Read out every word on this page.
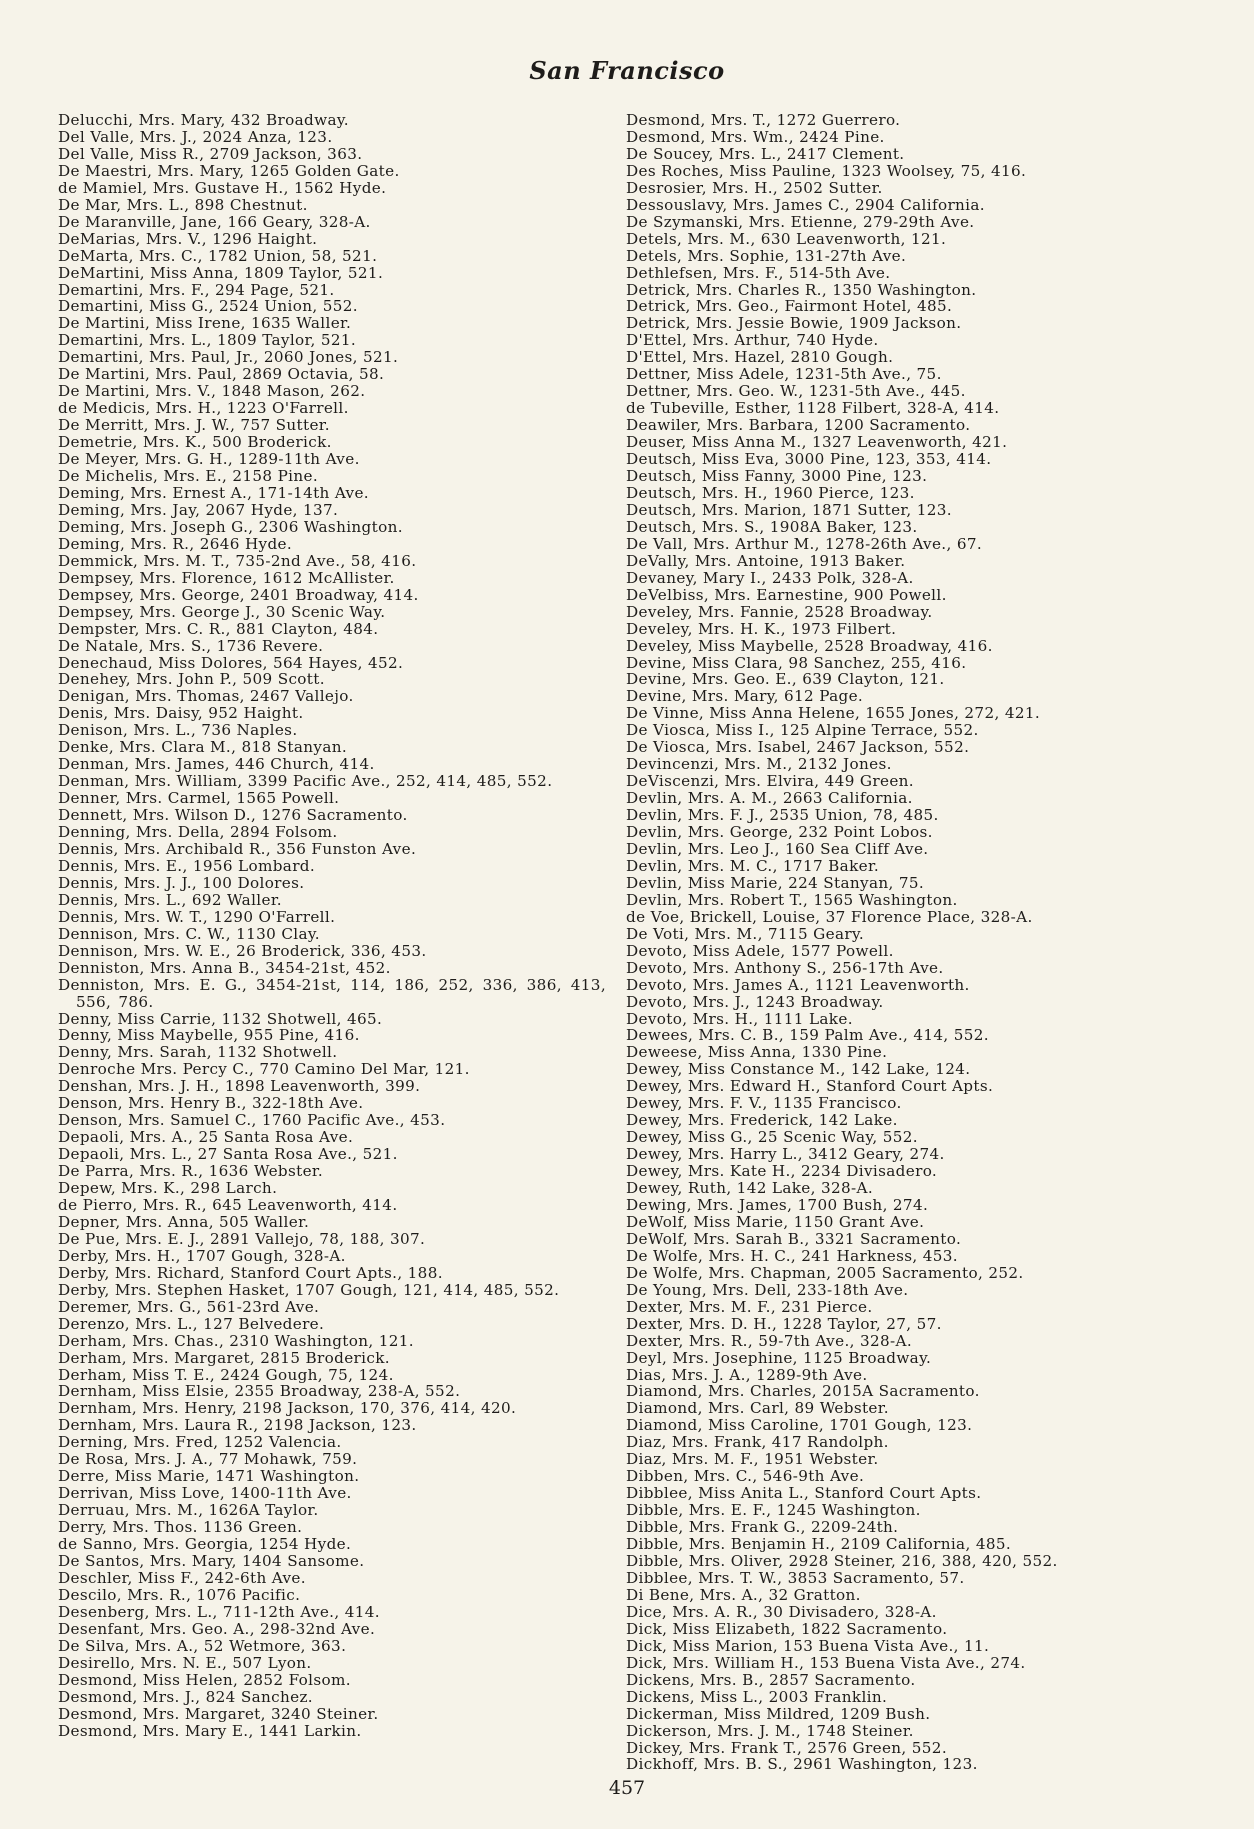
San Francisco
Delucchi, Mrs. Mary, 432 Broadway.
Del Valle, Mrs. J., 2024 Anza, 123.
Del Valle, Miss R., 2709 Jackson, 363.
De Maestri, Mrs. Mary, 1265 Golden Gate.
de Mamiel, Mrs. Gustave H., 1562 Hyde.
De Mar, Mrs. L., 898 Chestnut.
De Maranville, Jane, 166 Geary, 328-A.
DeMarias, Mrs. V., 1296 Haight.
DeMarta, Mrs. C., 1782 Union, 58, 521.
DeMartini, Miss Anna, 1809 Taylor, 521.
Demartini, Mrs. F., 294 Page, 521.
Demartini, Miss G., 2524 Union, 552.
De Martini, Miss Irene, 1635 Waller.
Demartini, Mrs. L., 1809 Taylor, 521.
Demartini, Mrs. Paul, Jr., 2060 Jones, 521.
De Martini, Mrs. Paul, 2869 Octavia, 58.
De Martini, Mrs. V., 1848 Mason, 262.
de Medicis, Mrs. H., 1223 O'Farrell.
De Merritt, Mrs. J. W., 757 Sutter.
Demetrie, Mrs. K., 500 Broderick.
De Meyer, Mrs. G. H., 1289-11th Ave.
De Michelis, Mrs. E., 2158 Pine.
Deming, Mrs. Ernest A., 171-14th Ave.
Deming, Mrs. Jay, 2067 Hyde, 137.
Deming, Mrs. Joseph G., 2306 Washington.
Deming, Mrs. R., 2646 Hyde.
Demmick, Mrs. M. T., 735-2nd Ave., 58, 416.
Dempsey, Mrs. Florence, 1612 McAllister.
Dempsey, Mrs. George, 2401 Broadway, 414.
Dempsey, Mrs. George J., 30 Scenic Way.
Dempster, Mrs. C. R., 881 Clayton, 484.
De Natale, Mrs. S., 1736 Revere.
Denechaud, Miss Dolores, 564 Hayes, 452.
Denehey, Mrs. John P., 509 Scott.
Denigan, Mrs. Thomas, 2467 Vallejo.
Denis, Mrs. Daisy, 952 Haight.
Denison, Mrs. L., 736 Naples.
Denke, Mrs. Clara M., 818 Stanyan.
Denman, Mrs. James, 446 Church, 414.
Denman, Mrs. William, 3399 Pacific Ave., 252, 414, 485, 552.
Denner, Mrs. Carmel, 1565 Powell.
Dennett, Mrs. Wilson D., 1276 Sacramento.
Denning, Mrs. Della, 2894 Folsom.
Dennis, Mrs. Archibald R., 356 Funston Ave.
Dennis, Mrs. E., 1956 Lombard.
Dennis, Mrs. J. J., 100 Dolores.
Dennis, Mrs. L., 692 Waller.
Dennis, Mrs. W. T., 1290 O'Farrell.
Dennison, Mrs. C. W., 1130 Clay.
Dennison, Mrs. W. E., 26 Broderick, 336, 453.
Denniston, Mrs. Anna B., 3454-21st, 452.
Denniston, Mrs. E. G., 3454-21st, 114, 186, 252, 336, 386, 413, 556, 786.
Denny, Miss Carrie, 1132 Shotwell, 465.
Denny, Miss Maybelle, 955 Pine, 416.
Denny, Mrs. Sarah, 1132 Shotwell.
Denroche Mrs. Percy C., 770 Camino Del Mar, 121.
Denshan, Mrs. J. H., 1898 Leavenworth, 399.
Denson, Mrs. Henry B., 322-18th Ave.
Denson, Mrs. Samuel C., 1760 Pacific Ave., 453.
Depaoli, Mrs. A., 25 Santa Rosa Ave.
Depaoli, Mrs. L., 27 Santa Rosa Ave., 521.
De Parra, Mrs. R., 1636 Webster.
Depew, Mrs. K., 298 Larch.
de Pierro, Mrs. R., 645 Leavenworth, 414.
Depner, Mrs. Anna, 505 Waller.
De Pue, Mrs. E. J., 2891 Vallejo, 78, 188, 307.
Derby, Mrs. H., 1707 Gough, 328-A.
Derby, Mrs. Richard, Stanford Court Apts., 188.
Derby, Mrs. Stephen Hasket, 1707 Gough, 121, 414, 485, 552.
Deremer, Mrs. G., 561-23rd Ave.
Derenzo, Mrs. L., 127 Belvedere.
Derham, Mrs. Chas., 2310 Washington, 121.
Derham, Mrs. Margaret, 2815 Broderick.
Derham, Miss T. E., 2424 Gough, 75, 124.
Dernham, Miss Elsie, 2355 Broadway, 238-A, 552.
Dernham, Mrs. Henry, 2198 Jackson, 170, 376, 414, 420.
Dernham, Mrs. Laura R., 2198 Jackson, 123.
Derning, Mrs. Fred, 1252 Valencia.
De Rosa, Mrs. J. A., 77 Mohawk, 759.
Derre, Miss Marie, 1471 Washington.
Derrivan, Miss Love, 1400-11th Ave.
Derruau, Mrs. M., 1626A Taylor.
Derry, Mrs. Thos. 1136 Green.
de Sanno, Mrs. Georgia, 1254 Hyde.
De Santos, Mrs. Mary, 1404 Sansome.
Deschler, Miss F., 242-6th Ave.
Descilo, Mrs. R., 1076 Pacific.
Desenberg, Mrs. L., 711-12th Ave., 414.
Desenfant, Mrs. Geo. A., 298-32nd Ave.
De Silva, Mrs. A., 52 Wetmore, 363.
Desirello, Mrs. N. E., 507 Lyon.
Desmond, Miss Helen, 2852 Folsom.
Desmond, Mrs. J., 824 Sanchez.
Desmond, Mrs. Margaret, 3240 Steiner.
Desmond, Mrs. Mary E., 1441 Larkin.
Desmond, Mrs. T., 1272 Guerrero.
Desmond, Mrs. Wm., 2424 Pine.
De Soucey, Mrs. L., 2417 Clement.
Des Roches, Miss Pauline, 1323 Woolsey, 75, 416.
Desrosier, Mrs. H., 2502 Sutter.
Dessouslavy, Mrs. James C., 2904 California.
De Szymanski, Mrs. Etienne, 279-29th Ave.
Detels, Mrs. M., 630 Leavenworth, 121.
Detels, Mrs. Sophie, 131-27th Ave.
Dethlefsen, Mrs. F., 514-5th Ave.
Detrick, Mrs. Charles R., 1350 Washington.
Detrick, Mrs. Geo., Fairmont Hotel, 485.
Detrick, Mrs. Jessie Bowie, 1909 Jackson.
D'Ettel, Mrs. Arthur, 740 Hyde.
D'Ettel, Mrs. Hazel, 2810 Gough.
Dettner, Miss Adele, 1231-5th Ave., 75.
Dettner, Mrs. Geo. W., 1231-5th Ave., 445.
de Tubeville, Esther, 1128 Filbert, 328-A, 414.
Deawiler, Mrs. Barbara, 1200 Sacramento.
Deuser, Miss Anna M., 1327 Leavenworth, 421.
Deutsch, Miss Eva, 3000 Pine, 123, 353, 414.
Deutsch, Miss Fanny, 3000 Pine, 123.
Deutsch, Mrs. H., 1960 Pierce, 123.
Deutsch, Mrs. Marion, 1871 Sutter, 123.
Deutsch, Mrs. S., 1908A Baker, 123.
De Vall, Mrs. Arthur M., 1278-26th Ave., 67.
DeVally, Mrs. Antoine, 1913 Baker.
Devaney, Mary I., 2433 Polk, 328-A.
DeVelbiss, Mrs. Earnestine, 900 Powell.
Develey, Mrs. Fannie, 2528 Broadway.
Develey, Mrs. H. K., 1973 Filbert.
Develey, Miss Maybelle, 2528 Broadway, 416.
Devine, Miss Clara, 98 Sanchez, 255, 416.
Devine, Mrs. Geo. E., 639 Clayton, 121.
Devine, Mrs. Mary, 612 Page.
De Vinne, Miss Anna Helene, 1655 Jones, 272, 421.
De Viosca, Miss I., 125 Alpine Terrace, 552.
De Viosca, Mrs. Isabel, 2467 Jackson, 552.
Devincenzi, Mrs. M., 2132 Jones.
DeViscenzi, Mrs. Elvira, 449 Green.
Devlin, Mrs. A. M., 2663 California.
Devlin, Mrs. F. J., 2535 Union, 78, 485.
Devlin, Mrs. George, 232 Point Lobos.
Devlin, Mrs. Leo J., 160 Sea Cliff Ave.
Devlin, Mrs. M. C., 1717 Baker.
Devlin, Miss Marie, 224 Stanyan, 75.
Devlin, Mrs. Robert T., 1565 Washington.
de Voe, Brickell, Louise, 37 Florence Place, 328-A.
De Voti, Mrs. M., 7115 Geary.
Devoto, Miss Adele, 1577 Powell.
Devoto, Mrs. Anthony S., 256-17th Ave.
Devoto, Mrs. James A., 1121 Leavenworth.
Devoto, Mrs. J., 1243 Broadway.
Devoto, Mrs. H., 1111 Lake.
Dewees, Mrs. C. B., 159 Palm Ave., 414, 552.
Deweese, Miss Anna, 1330 Pine.
Dewey, Miss Constance M., 142 Lake, 124.
Dewey, Mrs. Edward H., Stanford Court Apts.
Dewey, Mrs. F. V., 1135 Francisco.
Dewey, Mrs. Frederick, 142 Lake.
Dewey, Miss G., 25 Scenic Way, 552.
Dewey, Mrs. Harry L., 3412 Geary, 274.
Dewey, Mrs. Kate H., 2234 Divisadero.
Dewey, Ruth, 142 Lake, 328-A.
Dewing, Mrs. James, 1700 Bush, 274.
DeWolf, Miss Marie, 1150 Grant Ave.
DeWolf, Mrs. Sarah B., 3321 Sacramento.
De Wolfe, Mrs. H. C., 241 Harkness, 453.
De Wolfe, Mrs. Chapman, 2005 Sacramento, 252.
De Young, Mrs. Dell, 233-18th Ave.
Dexter, Mrs. M. F., 231 Pierce.
Dexter, Mrs. D. H., 1228 Taylor, 27, 57.
Dexter, Mrs. R., 59-7th Ave., 328-A.
Deyl, Mrs. Josephine, 1125 Broadway.
Dias, Mrs. J. A., 1289-9th Ave.
Diamond, Mrs. Charles, 2015A Sacramento.
Diamond, Mrs. Carl, 89 Webster.
Diamond, Miss Caroline, 1701 Gough, 123.
Diaz, Mrs. Frank, 417 Randolph.
Diaz, Mrs. M. F., 1951 Webster.
Dibben, Mrs. C., 546-9th Ave.
Dibblee, Miss Anita L., Stanford Court Apts.
Dibble, Mrs. E. F., 1245 Washington.
Dibble, Mrs. Frank G., 2209-24th.
Dibble, Mrs. Benjamin H., 2109 California, 485.
Dibble, Mrs. Oliver, 2928 Steiner, 216, 388, 420, 552.
Dibblee, Mrs. T. W., 3853 Sacramento, 57.
Di Bene, Mrs. A., 32 Gratton.
Dice, Mrs. A. R., 30 Divisadero, 328-A.
Dick, Miss Elizabeth, 1822 Sacramento.
Dick, Miss Marion, 153 Buena Vista Ave., 11.
Dick, Mrs. William H., 153 Buena Vista Ave., 274.
Dickens, Mrs. B., 2857 Sacramento.
Dickens, Miss L., 2003 Franklin.
Dickerman, Miss Mildred, 1209 Bush.
Dickerson, Mrs. J. M., 1748 Steiner.
Dickey, Mrs. Frank T., 2576 Green, 552.
Dickhoff, Mrs. B. S., 2961 Washington, 123.
457
